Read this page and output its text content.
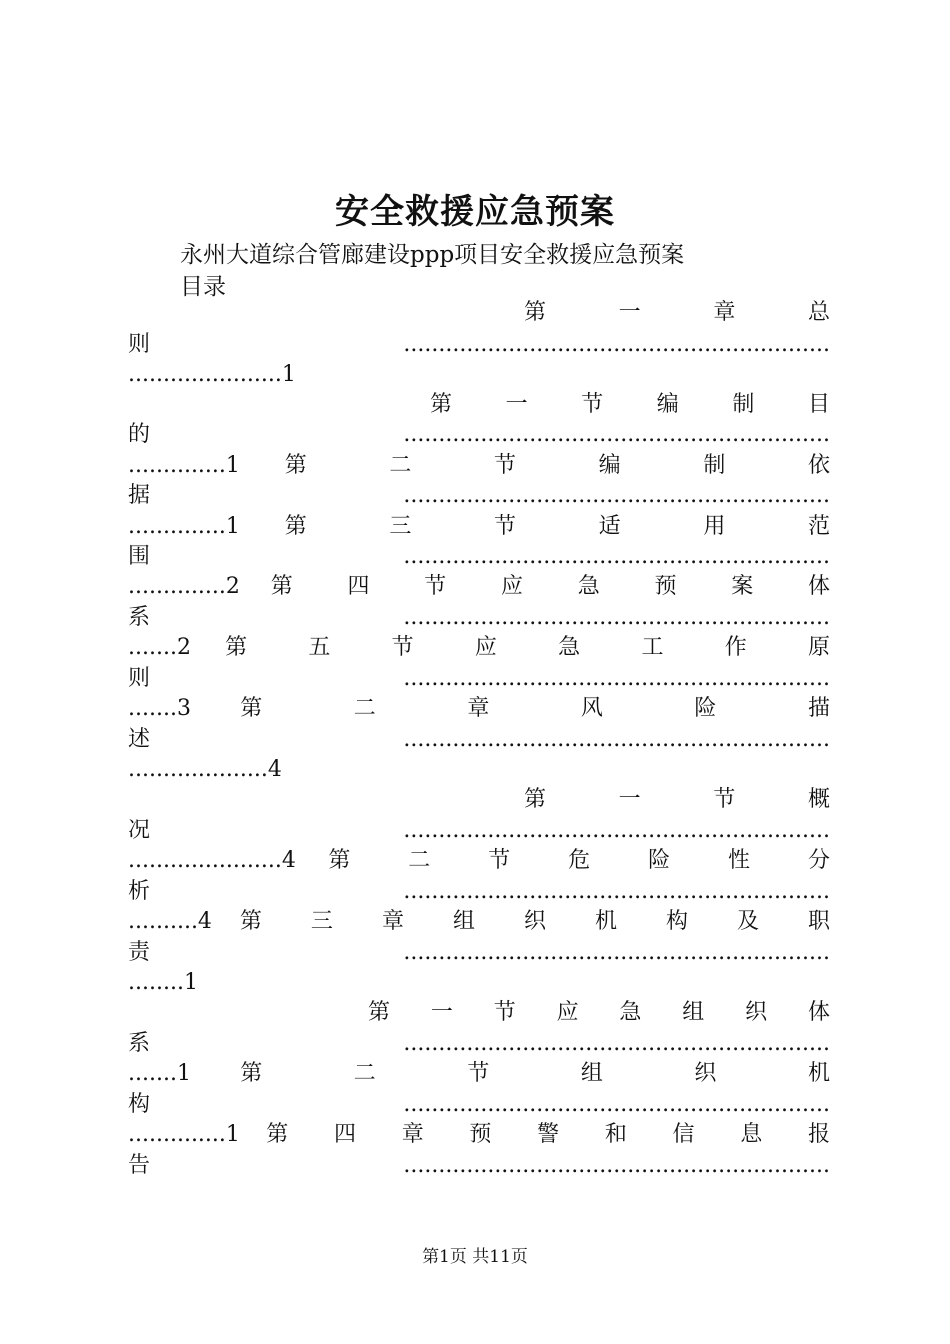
安全救援应急预案
永州大道综合管廊建设ppp项目安全救援应急预案
目录
第 一 章 总
则.............................................................
......................1
第 一 节 编 制 目
的.............................................................
..............1 第 二 节 编 制 依
据.............................................................
..............1 第 三 节 适 用 范
围.............................................................
..............2 第 四 节 应 急 预 案 体
系.............................................................
.......2 第 五 节 应 急 工 作 原
则.............................................................
.......3 第 二 章 风 险 描
述.............................................................
....................4
第 一 节 概
况.............................................................
......................4 第 二 节 危 险 性 分
析.............................................................
..........4 第 三 章 组 织 机 构 及 职
责.............................................................
........1
第 一 节 应 急 组 织 体
系.............................................................
.......1 第 二 节 组 织 机
构.............................................................
..............1 第 四 章 预 警 和 信 息 报
告.............................................................
第1页 共11页
